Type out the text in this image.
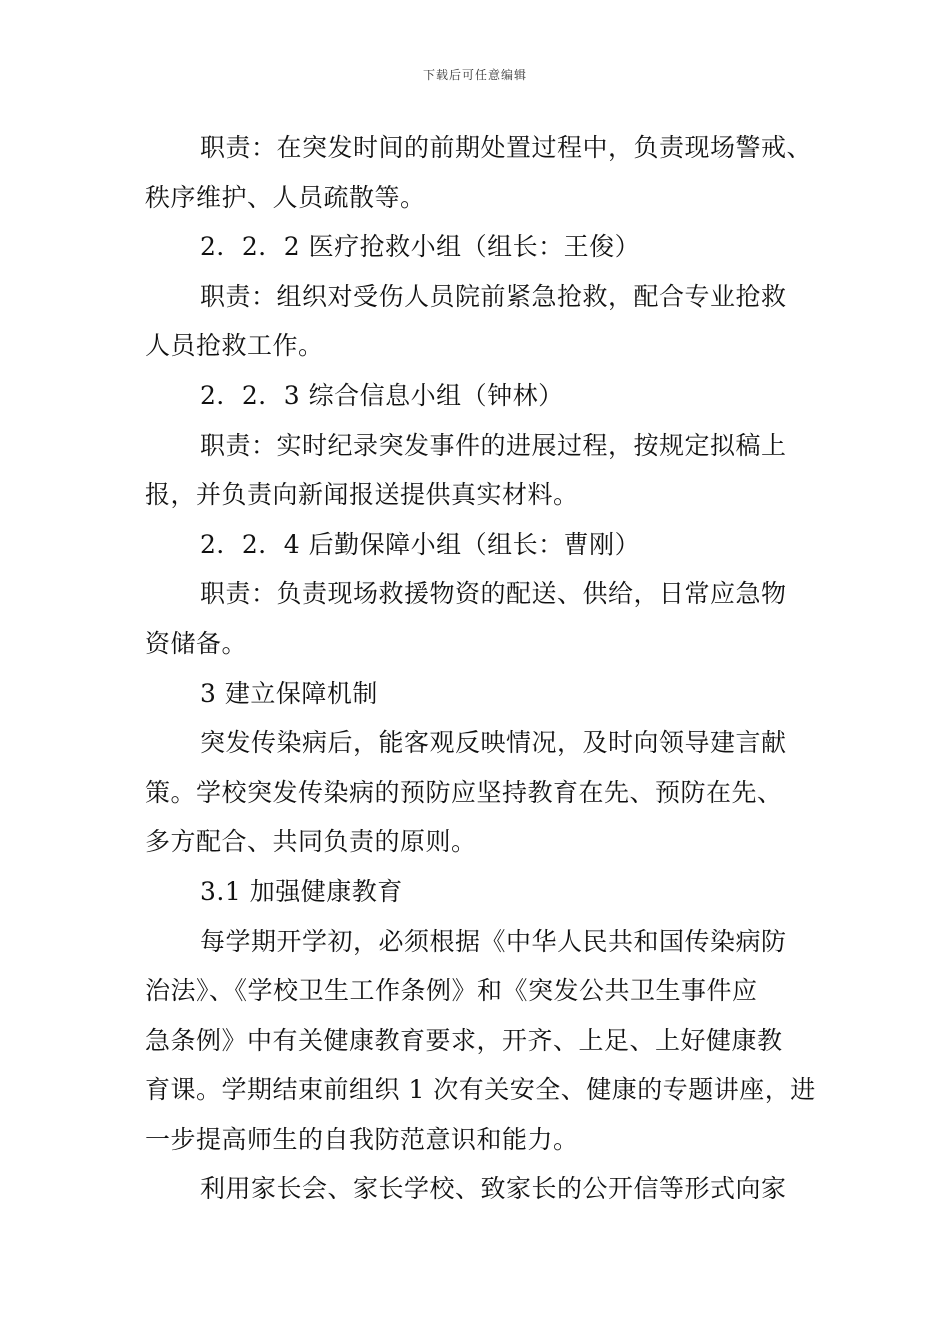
下载后可任意编辑
职责：在突发时间的前期处置过程中，负责现场警戒、
秩序维护、人员疏散等。
2．2．2 医疗抢救小组（组长：王俊）
职责：组织对受伤人员院前紧急抢救，配合专业抢救
人员抢救工作。
2．2．3 综合信息小组（钟林）
职责：实时纪录突发事件的进展过程，按规定拟稿上
报，并负责向新闻报送提供真实材料。
2．2．4 后勤保障小组（组长：曹刚）
职责：负责现场救援物资的配送、供给，日常应急物
资储备。
3 建立保障机制
突发传染病后，能客观反映情况，及时向领导建言献
策。学校突发传染病的预防应坚持教育在先、预防在先、
多方配合、共同负责的原则。
3.1 加强健康教育
每学期开学初，必须根据《中华人民共和国传染病防
治法》、《学校卫生工作条例》和《突发公共卫生事件应
急条例》中有关健康教育要求，开齐、上足、上好健康教
育课。学期结束前组织 1 次有关安全、健康的专题讲座，进
一步提高师生的自我防范意识和能力。
利用家长会、家长学校、致家长的公开信等形式向家
